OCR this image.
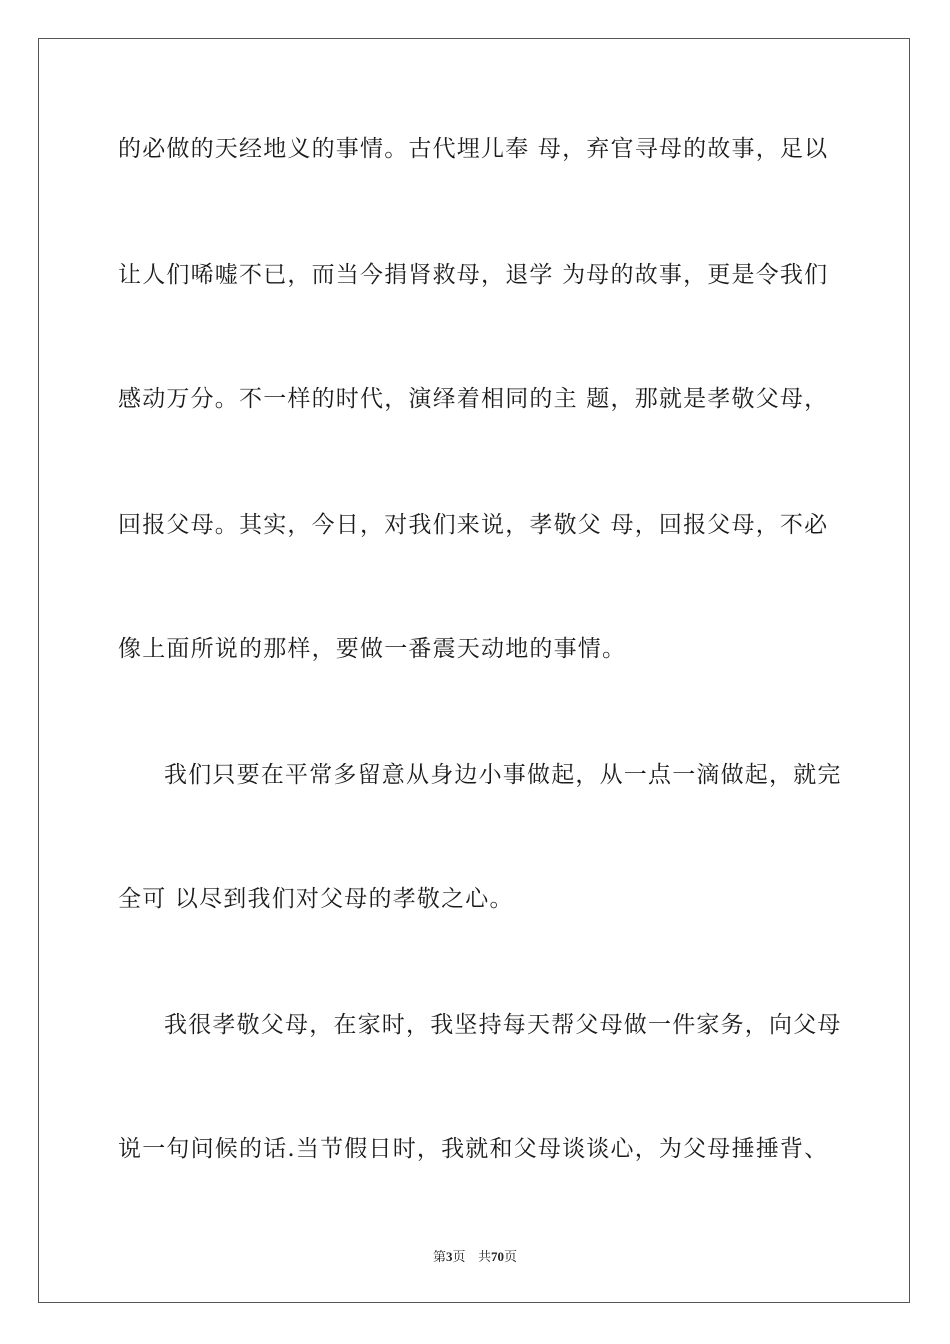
的必做的天经地义的事情。古代埋儿奉 母，弃官寻母的故事，足以
让人们唏嘘不已，而当今捐肾救母，退学 为母的故事，更是令我们
感动万分。不一样的时代，演绎着相同的主 题，那就是孝敬父母，
回报父母。其实，今日，对我们来说，孝敬父 母，回报父母，不必
像上面所说的那样，要做一番震天动地的事情。
我们只要在平常多留意从身边小事做起，从一点一滴做起，就完
全可 以尽到我们对父母的孝敬之心。
我很孝敬父母，在家时，我坚持每天帮父母做一件家务，向父母
说一句问候的话.当节假日时，我就和父母谈谈心，为父母捶捶背、
第3页 共70页
